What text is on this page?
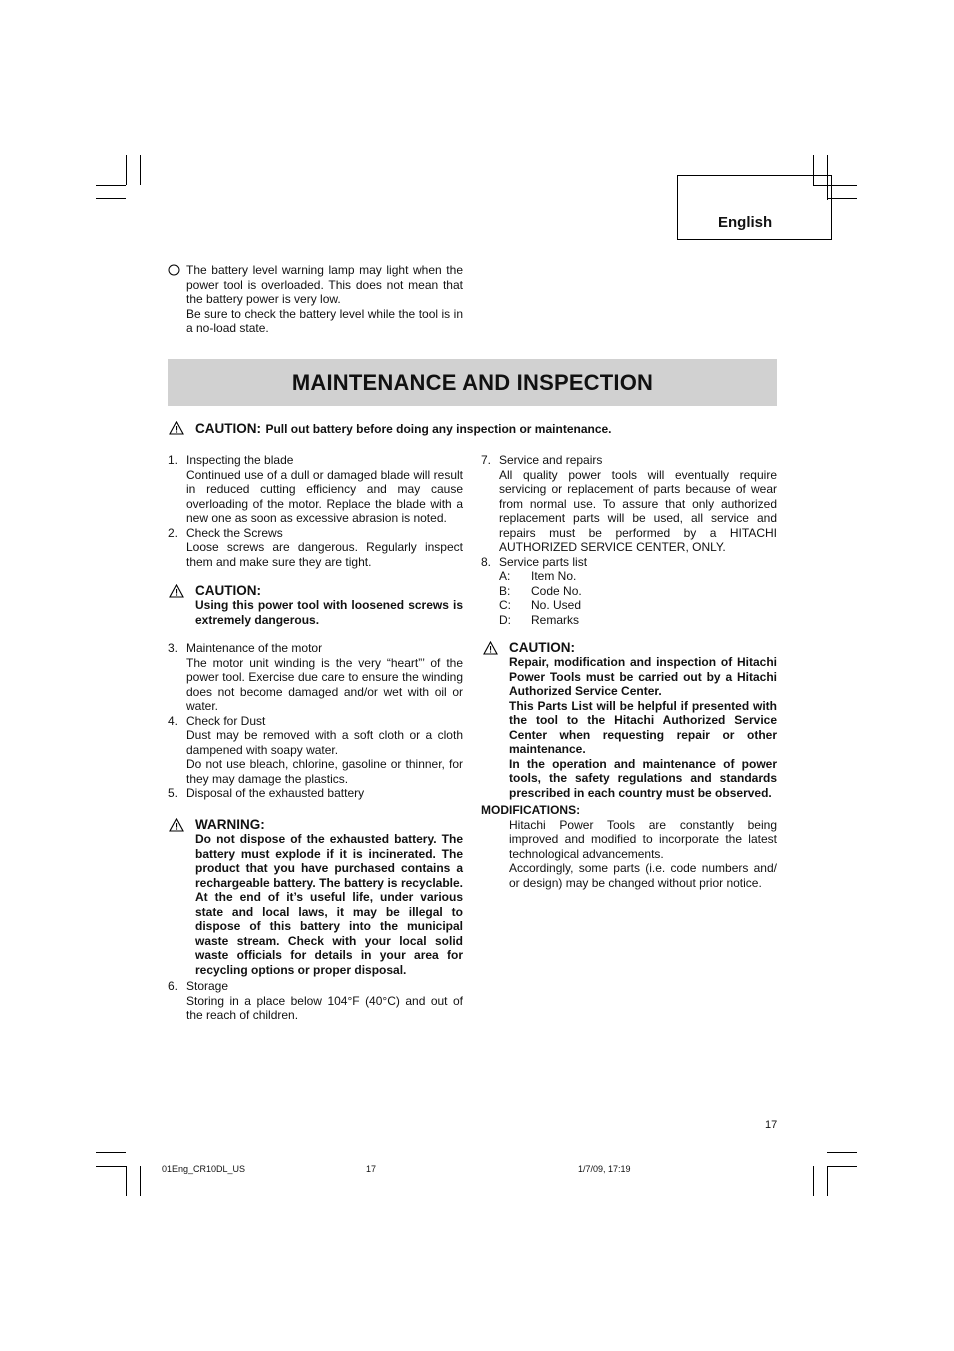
English
The battery level warning lamp may light when the power tool is overloaded. This does not mean that the battery power is very low.
Be sure to check the battery level while the tool is in a no-load state.
MAINTENANCE AND INSPECTION
CAUTION: Pull out battery before doing any inspection or maintenance.
1. Inspecting the blade
Continued use of a dull or damaged blade will result in reduced cutting efficiency and may cause overloading of the motor. Replace the blade with a new one as soon as excessive abrasion is noted.
2. Check the Screws
Loose screws are dangerous. Regularly inspect them and make sure they are tight.
CAUTION:
Using this power tool with loosened screws is extremely dangerous.
3. Maintenance of the motor
The motor unit winding is the very “heart”’ of the power tool. Exercise due care to ensure the winding does not become damaged and/or wet with oil or water.
4. Check for Dust
Dust may be removed with a soft cloth or a cloth dampened with soapy water.
Do not use bleach, chlorine, gasoline or thinner, for they may damage the plastics.
5. Disposal of the exhausted battery
WARNING:
Do not dispose of the exhausted battery. The battery must explode if it is incinerated. The product that you have purchased contains a rechargeable battery. The battery is recyclable. At the end of it’s useful life, under various state and local laws, it may be illegal to dispose of this battery into the municipal waste stream. Check with your local solid waste officials for details in your area for recycling options or proper disposal.
6. Storage
Storing in a place below 104°F (40°C) and out of the reach of children.
7. Service and repairs
All quality power tools will eventually require servicing or replacement of parts because of wear from normal use. To assure that only authorized replacement parts will be used, all service and repairs must be performed by a HITACHI AUTHORIZED SERVICE CENTER, ONLY.
8. Service parts list
A: Item No.
B: Code No.
C: No. Used
D: Remarks
CAUTION:
Repair, modification and inspection of Hitachi Power Tools must be carried out by a Hitachi Authorized Service Center.
This Parts List will be helpful if presented with the tool to the Hitachi Authorized Service Center when requesting repair or other maintenance.
In the operation and maintenance of power tools, the safety regulations and standards prescribed in each country must be observed.
MODIFICATIONS:
Hitachi Power Tools are constantly being improved and modified to incorporate the latest technological advancements.
Accordingly, some parts (i.e. code numbers and/ or design) may be changed without prior notice.
17
01Eng_CR10DL_US	17	1/7/09, 17:19
